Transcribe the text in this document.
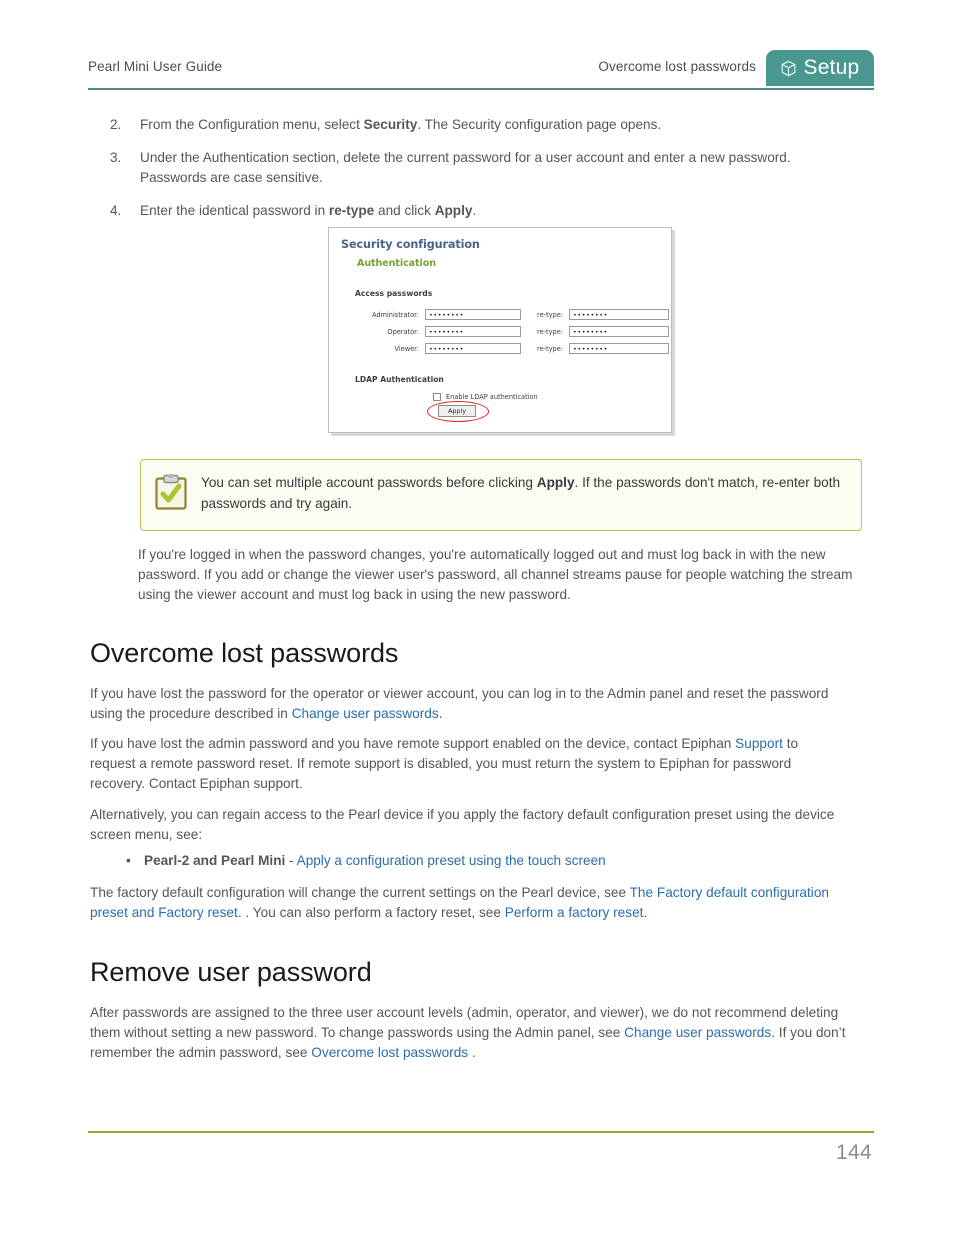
Pearl Mini User Guide	Overcome lost passwords Setup
2.	From the Configuration menu, select Security. The Security configuration page opens.
3.	Under the Authentication section, delete the current password for a user account and enter a new password. Passwords are case sensitive.
4.	Enter the identical password in re-type and click Apply.
Security configuration
Authentication
Access passwords
Administrator:	••••••••	re-type:	••••••••
Operator:	••••••••	re-type:	••••••••
Viewer:	••••••••	re-type:	••••••••
LDAP Authentication
Enable LDAP authentication
Apply
You can set multiple account passwords before clicking Apply. If the passwords don't match, re-enter both passwords and try again.

If you're logged in when the password changes, you're automatically logged out and must log back in with the new password. If you add or change the viewer user's password, all channel streams pause for people watching the stream using the viewer account and must log back in using the new password.

Overcome lost passwords

If you have lost the password for the operator or viewer account, you can log in to the Admin panel and reset the password using the procedure described in Change user passwords.

If you have lost the admin password and you have remote support enabled on the device, contact Epiphan Support to request a remote password reset. If remote support is disabled, you must return the system to Epiphan for password recovery. Contact Epiphan support.

Alternatively, you can regain access to the Pearl device if you apply the factory default configuration preset using the device screen menu, see:

• Pearl-2 and Pearl Mini - Apply a configuration preset using the touch screen

The factory default configuration will change the current settings on the Pearl device, see The Factory default configuration preset and Factory reset. . You can also perform a factory reset, see Perform a factory reset.

Remove user password

After passwords are assigned to the three user account levels (admin, operator, and viewer), we do not recommend deleting them without setting a new password. To change passwords using the Admin panel, see Change user passwords. If you don’t remember the admin password, see Overcome lost passwords .

144
